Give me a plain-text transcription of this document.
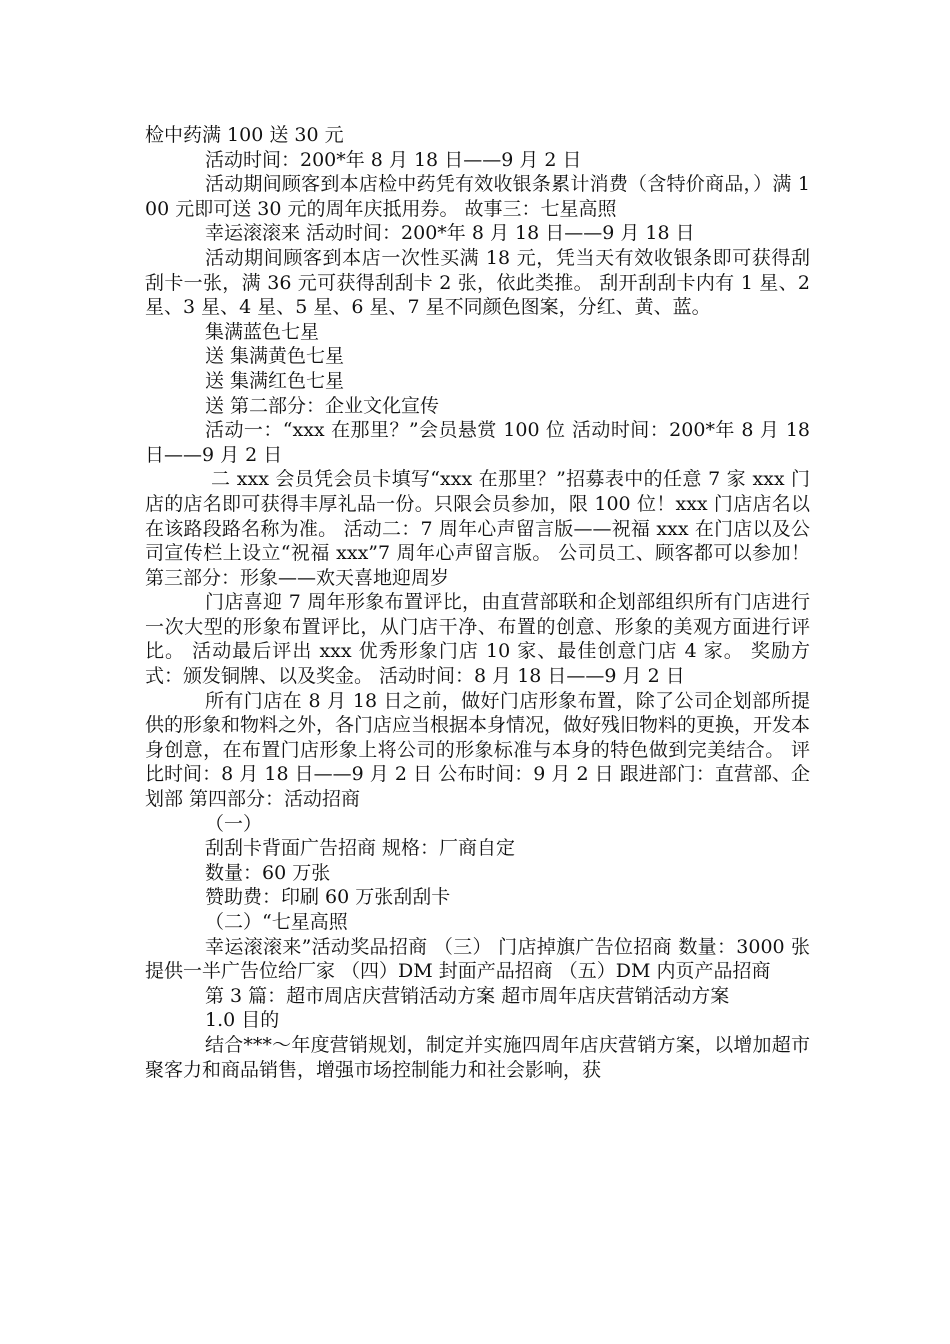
检中药满 100 送 30 元

活动时间：200*年 8 月 18 日——9 月 2 日

活动期间顾客到本店检中药凭有效收银条累计消费（含特价商品，）满 100 元即可送 30 元的周年庆抵用券。 故事三：七星高照

幸运滚滚来 活动时间：200*年 8 月 18 日——9 月 18 日

活动期间顾客到本店一次性买满 18 元，凭当天有效收银条即可获得刮刮卡一张，满 36 元可获得刮刮卡 2 张，依此类推。 刮开刮刮卡内有 1 星、2 星、3 星、4 星、5 星、6 星、7 星不同颜色图案，分红、黄、蓝。

集满蓝色七星

送 集满黄色七星

送 集满红色七星

送 第二部分：企业文化宣传

活动一：“xxx 在那里？”会员悬赏 100 位 活动时间：200*年 8 月 18 日——9 月 2 日

二 xxx 会员凭会员卡填写“xxx 在那里？”招募表中的任意 7 家 xxx 门店的店名即可获得丰厚礼品一份。只限会员参加，限 100 位！xxx 门店店名以在该路段路名称为准。 活动二：7 周年心声留言版——祝福 xxx 在门店以及公司宣传栏上设立“祝福 xxx”7 周年心声留言版。 公司员工、顾客都可以参加！ 第三部分：形象——欢天喜地迎周岁

门店喜迎 7 周年形象布置评比，由直营部联和企划部组织所有门店进行一次大型的形象布置评比，从门店干净、布置的创意、形象的美观方面进行评比。 活动最后评出 xxx 优秀形象门店 10 家、最佳创意门店 4 家。 奖励方式：颁发铜牌、以及奖金。 活动时间：8 月 18 日——9 月 2 日

所有门店在 8 月 18 日之前，做好门店形象布置，除了公司企划部所提供的形象和物料之外，各门店应当根据本身情况，做好残旧物料的更换，开发本身创意，在布置门店形象上将公司的形象标准与本身的特色做到完美结合。 评比时间：8 月 18 日——9 月 2 日 公布时间：9 月 2 日 跟进部门：直营部、企划部 第四部分：活动招商

（一）

刮刮卡背面广告招商 规格：厂商自定

数量：60 万张

赞助费：印刷 60 万张刮刮卡

（二）“七星高照

幸运滚滚来”活动奖品招商 （三） 门店掉旗广告位招商 数量：3000 张 提供一半广告位给厂家 （四）DM 封面产品招商 （五）DM 内页产品招商

第 3 篇：超市周店庆营销活动方案 超市周年店庆营销活动方案

1.0 目的

结合***～年度营销规划，制定并实施四周年店庆营销方案，以增加超市聚客力和商品销售，增强市场控制能力和社会影响，获
